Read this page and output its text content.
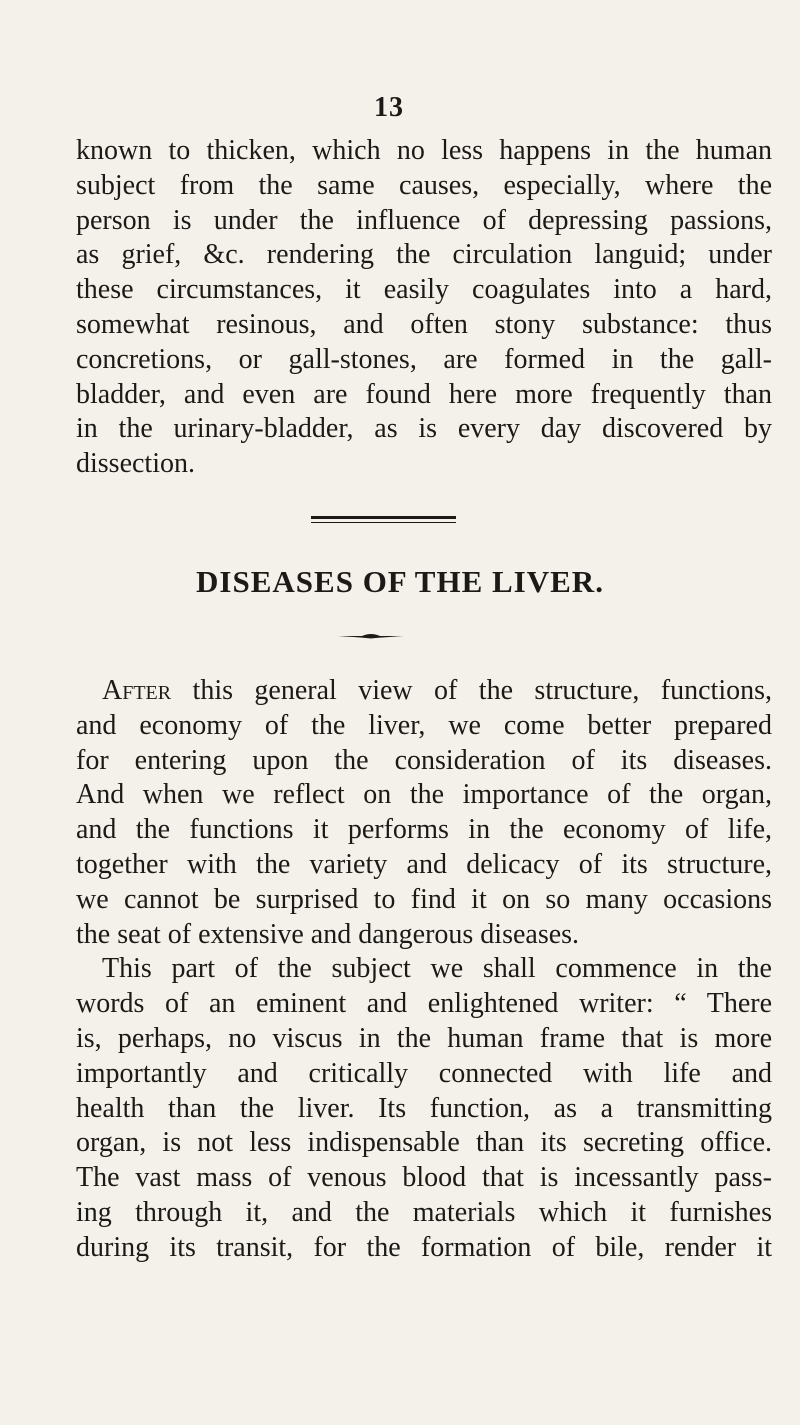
13
known to thicken, which no less happens in the human
subject from the same causes, especially, where the
person is under the influence of depressing passions,
as grief, &c. rendering the circulation languid; under
these circumstances, it easily coagulates into a hard,
somewhat resinous, and often stony substance: thus
concretions, or gall-stones, are formed in the gall-
bladder, and even are found here more frequently than
in the urinary-bladder, as is every day discovered by
dissection.
DISEASES OF THE LIVER.
After this general view of the structure, functions,
and economy of the liver, we come better prepared
for entering upon the consideration of its diseases.
And when we reflect on the importance of the organ,
and the functions it performs in the economy of life,
together with the variety and delicacy of its structure,
we cannot be surprised to find it on so many occasions
the seat of extensive and dangerous diseases.
This part of the subject we shall commence in the
words of an eminent and enlightened writer: “ There
is, perhaps, no viscus in the human frame that is more
importantly and critically connected with life and
health than the liver. Its function, as a transmitting
organ, is not less indispensable than its secreting office.
The vast mass of venous blood that is incessantly pass-
ing through it, and the materials which it furnishes
during its transit, for the formation of bile, render it
